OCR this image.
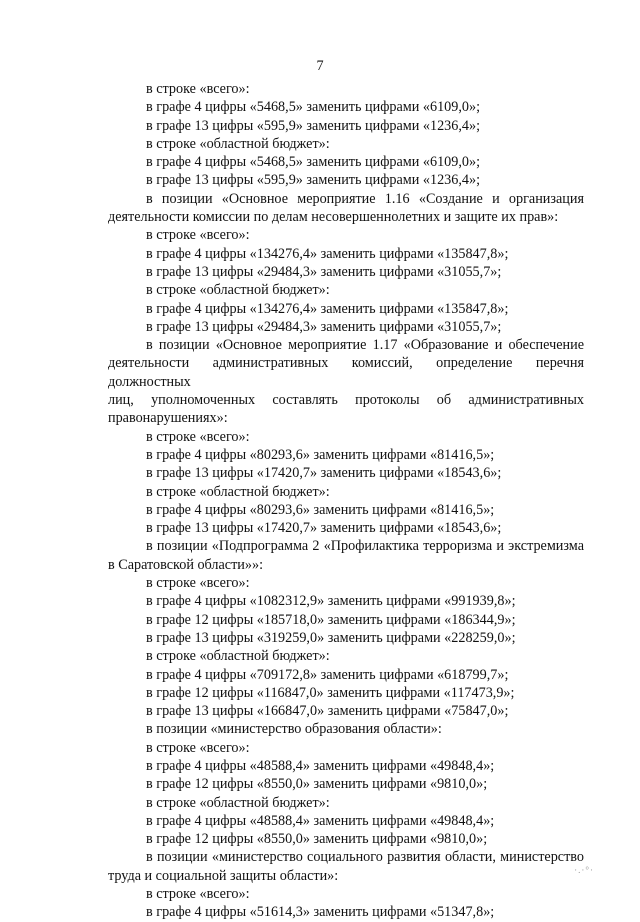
7
в строке «всего»:
в графе 4 цифры «5468,5» заменить цифрами «6109,0»;
в графе 13 цифры «595,9» заменить цифрами «1236,4»;
в строке «областной бюджет»:
в графе 4 цифры «5468,5» заменить цифрами «6109,0»;
в графе 13 цифры «595,9» заменить цифрами «1236,4»;
в позиции «Основное мероприятие 1.16 «Создание и организация
деятельности комиссии по делам несовершеннолетних и защите их прав»:
в строке «всего»:
в графе 4 цифры «134276,4» заменить цифрами «135847,8»;
в графе 13 цифры «29484,3» заменить цифрами «31055,7»;
в строке «областной бюджет»:
в графе 4 цифры «134276,4» заменить цифрами «135847,8»;
в графе 13 цифры «29484,3» заменить цифрами «31055,7»;
в позиции «Основное мероприятие 1.17 «Образование и обеспечение
деятельности административных комиссий, определение перечня должностных
лиц, уполномоченных составлять протоколы об административных
правонарушениях»:
в строке «всего»:
в графе 4 цифры «80293,6» заменить цифрами «81416,5»;
в графе 13 цифры «17420,7» заменить цифрами «18543,6»;
в строке «областной бюджет»:
в графе 4 цифры «80293,6» заменить цифрами «81416,5»;
в графе 13 цифры «17420,7» заменить цифрами «18543,6»;
в позиции «Подпрограмма 2 «Профилактика терроризма и экстремизма
в Саратовской области»»:
в строке «всего»:
в графе 4 цифры «1082312,9» заменить цифрами «991939,8»;
в графе 12 цифры «185718,0» заменить цифрами «186344,9»;
в графе 13 цифры «319259,0» заменить цифрами «228259,0»;
в строке «областной бюджет»:
в графе 4 цифры «709172,8» заменить цифрами «618799,7»;
в графе 12 цифры «116847,0» заменить цифрами «117473,9»;
в графе 13 цифры «166847,0» заменить цифрами «75847,0»;
в позиции «министерство образования области»:
в строке «всего»:
в графе 4 цифры «48588,4» заменить цифрами «49848,4»;
в графе 12 цифры «8550,0» заменить цифрами «9810,0»;
в строке «областной бюджет»:
в графе 4 цифры «48588,4» заменить цифрами «49848,4»;
в графе 12 цифры «8550,0» заменить цифрами «9810,0»;
в позиции «министерство социального развития области, министерство
труда и социальной защиты области»:
в строке «всего»:
в графе 4 цифры «51614,3» заменить цифрами «51347,8»;
·.·°·
